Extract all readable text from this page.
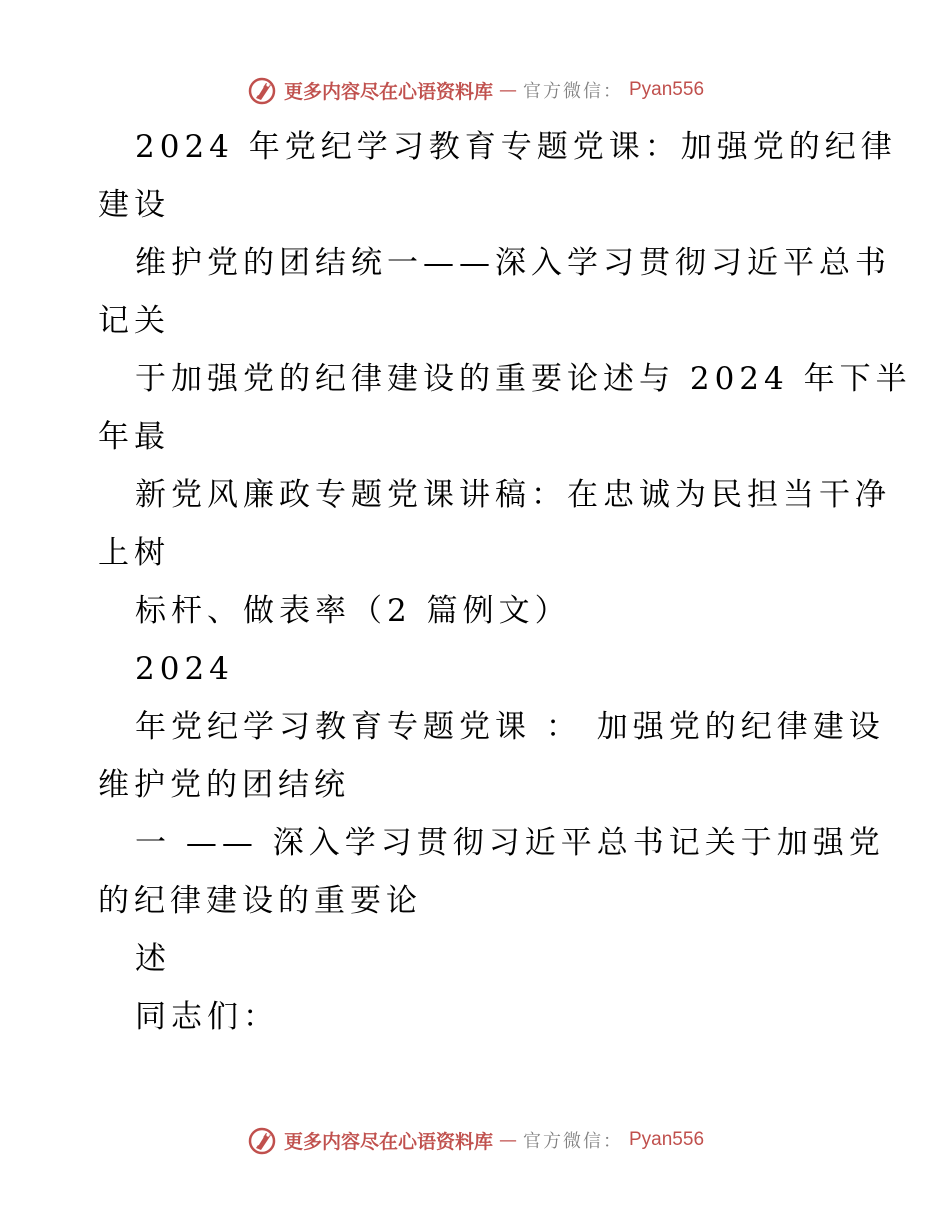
更多内容尽在心语资料库 — 官方微信： Pyan556
2024 年党纪学习教育专题党课：加强党的纪律
建设
维护党的团结统一——深入学习贯彻习近平总书
记关
于加强党的纪律建设的重要论述与 2024 年下半
年最
新党风廉政专题党课讲稿：在忠诚为民担当干净
上树
标杆、做表率（2 篇例文）
2024
年党纪学习教育专题党课 ： 加强党的纪律建设
维护党的团结统
一 —— 深入学习贯彻习近平总书记关于加强党
的纪律建设的重要论
述
同志们：
更多内容尽在心语资料库 — 官方微信： Pyan556
